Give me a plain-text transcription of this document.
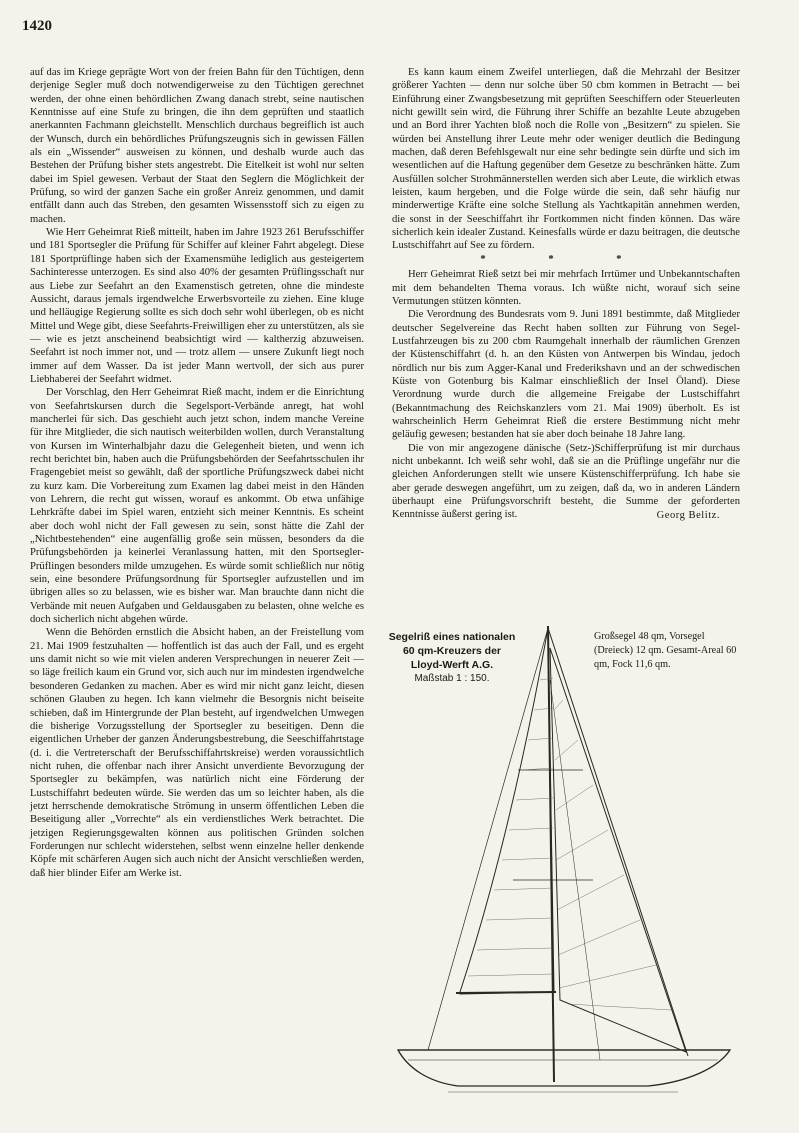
1420

auf das im Kriege geprägte Wort von der freien Bahn für den Tüchtigen, denn derjenige Segler muß doch notwendigerweise zu den Tüchtigen gerechnet werden, der ohne einen behördlichen Zwang danach strebt, seine nautischen Kenntnisse auf eine Stufe zu bringen, die ihn dem geprüften und staatlich anerkannten Fachmann gleichstellt. Menschlich durchaus begreiflich ist auch der Wunsch, durch ein behördliches Prüfungszeugnis sich in gewissen Fällen als ein „Wissender“ ausweisen zu können, und deshalb wurde auch das Bestehen der Prüfung bisher stets angestrebt. Die Eitelkeit ist wohl nur selten dabei im Spiel gewesen. Verbaut der Staat den Seglern die Möglichkeit der Prüfung, so wird der ganzen Sache ein großer Anreiz genommen, und damit entfällt dann auch das Streben, den gesamten Wissensstoff sich zu eigen zu machen.

Wie Herr Geheimrat Rieß mitteilt, haben im Jahre 1923 261 Berufsschiffer und 181 Sportsegler die Prüfung für Schiffer auf kleiner Fahrt abgelegt. Diese 181 Sportprüflinge haben sich der Examensmühe lediglich aus gesteigertem Sachinteresse unterzogen. Es sind also 40% der gesamten Prüflingsschaft nur aus Liebe zur Seefahrt an den Examenstisch getreten, ohne die mindeste Aussicht, daraus jemals irgendwelche Erwerbsvorteile zu ziehen. Eine kluge und helläugige Regierung sollte es sich doch sehr wohl überlegen, ob es nicht Mittel und Wege gibt, diese Seefahrts-Freiwilligen eher zu unterstützen, als sie — wie es jetzt anscheinend beabsichtigt wird — kaltherzig abzuweisen. Seefahrt ist noch immer not, und — trotz allem — unsere Zukunft liegt noch immer auf dem Wasser. Da ist jeder Mann wertvoll, der sich aus purer Liebhaberei der Seefahrt widmet.

Der Vorschlag, den Herr Geheimrat Rieß macht, indem er die Einrichtung von Seefahrtskursen durch die Segelsport-Verbände anregt, hat wohl mancherlei für sich. Das geschieht auch jetzt schon, indem manche Vereine für ihre Mitglieder, die sich nautisch weiterbilden wollen, durch Veranstaltung von Kursen im Winterhalbjahr dazu die Gelegenheit bieten, und wenn ich recht berichtet bin, haben auch die Prüfungsbehörden der Seefahrtsschulen ihr Fragengebiet meist so gewählt, daß der sportliche Prüfungszweck dabei nicht zu kurz kam. Die Vorbereitung zum Examen lag dabei meist in den Händen von Lehrern, die recht gut wissen, worauf es ankommt. Ob etwa unfähige Lehrkräfte dabei im Spiel waren, entzieht sich meiner Kenntnis. Es scheint aber doch wohl nicht der Fall gewesen zu sein, sonst hätte die Zahl der „Nichtbestehenden“ eine augenfällig große sein müssen, besonders da die Prüfungsbehörden ja keinerlei Veranlassung hatten, mit den Sportsegler-Prüflingen besonders milde umzugehen. Es würde somit schließlich nur nötig sein, eine besondere Prüfungsordnung für Sportsegler aufzustellen und im übrigen alles so zu belassen, wie es bisher war. Man brauchte dann nicht die Verbände mit neuen Aufgaben und Geldausgaben zu belasten, ohne welche es doch sicherlich nicht abgehen würde.

Wenn die Behörden ernstlich die Absicht haben, an der Freistellung vom 21. Mai 1909 festzuhalten — hoffentlich ist das auch der Fall, und es ergeht uns damit nicht so wie mit vielen anderen Versprechungen in neuerer Zeit — so läge freilich kaum ein Grund vor, sich auch nur im mindesten irgendwelche besonderen Gedanken zu machen. Aber es wird mir nicht ganz leicht, diesen schönen Glauben zu hegen. Ich kann vielmehr die Besorgnis nicht beiseite schieben, daß im Hintergrunde der Plan besteht, auf irgendwelchen Umwegen die bisherige Vorzugsstellung der Sportsegler zu beseitigen. Denn die eigentlichen Urheber der ganzen Änderungsbestrebung, die Seeschiffahrtstage (d. i. die Vertreterschaft der Berufsschiffahrtskreise) werden voraussichtlich nicht ruhen, die offenbar nach ihrer Ansicht unverdiente Bevorzugung der Sportsegler zu bekämpfen, was natürlich nicht eine Förderung der Lustschiffahrt bedeuten würde. Sie werden das um so leichter haben, als die jetzt herrschende demokratische Strömung in unserm öffentlichen Leben die Beseitigung aller „Vorrechte“ als ein verdienstliches Werk betrachtet. Die jetzigen Regierungsgewalten können aus politischen Gründen solchen Forderungen nur schlecht widerstehen, selbst wenn einzelne heller denkende Köpfe mit schärferen Augen sich auch nicht der Ansicht verschließen werden, daß hier blinder Eifer am Werke ist.

Es kann kaum einem Zweifel unterliegen, daß die Mehrzahl der Besitzer größerer Yachten — denn nur solche über 50 cbm kommen in Betracht — bei Einführung einer Zwangsbesetzung mit geprüften Seeschiffern oder Steuerleuten nicht gewillt sein wird, die Führung ihrer Schiffe an bezahlte Leute abzugeben und an Bord ihrer Yachten bloß noch die Rolle von „Besitzern“ zu spielen. Sie würden bei Anstellung ihrer Leute mehr oder weniger deutlich die Bedingung machen, daß deren Befehlsgewalt nur eine sehr bedingte sein dürfte und sich im wesentlichen auf die Haftung gegenüber dem Gesetze zu beschränken hätte. Zum Ausfüllen solcher Strohmännerstellen werden sich aber Leute, die wirklich etwas leisten, kaum hergeben, und die Folge würde die sein, daß sehr häufig nur minderwertige Kräfte eine solche Stellung als Yachtkapitän annehmen werden, die sonst in der Seeschiffahrt ihr Fortkommen nicht finden können. Das wäre sicherlich kein idealer Zustand. Keinesfalls würde er dazu beitragen, die deutsche Lustschiffahrt auf See zu fördern.

* * *

Herr Geheimrat Rieß setzt bei mir mehrfach Irrtümer und Unbekanntschaften mit dem behandelten Thema voraus. Ich wüßte nicht, worauf sich seine Vermutungen stützen könnten.

Die Verordnung des Bundesrats vom 9. Juni 1891 bestimmte, daß Mitglieder deutscher Segelvereine das Recht haben sollten zur Führung von Segel-Lustfahrzeugen bis zu 200 cbm Raumgehalt innerhalb der räumlichen Grenzen der Küstenschiffahrt (d. h. an den Küsten von Antwerpen bis Windau, jedoch nördlich nur bis zum Agger-Kanal und Frederikshavn und an der schwedischen Küste von Gotenburg bis Kalmar einschließlich der Insel Öland). Diese Verordnung wurde durch die allgemeine Freigabe der Lustschiffahrt (Bekanntmachung des Reichskanzlers vom 21. Mai 1909) überholt. Es ist wahrscheinlich Herrn Geheimrat Rieß die erstere Bestimmung nicht mehr geläufig gewesen; bestanden hat sie aber doch beinahe 18 Jahre lang.

Die von mir angezogene dänische (Setz-)Schifferprüfung ist mir durchaus nicht unbekannt. Ich weiß sehr wohl, daß sie an die Prüflinge ungefähr nur die gleichen Anforderungen stellt wie unsere Küstenschifferprüfung. Ich habe sie aber gerade deswegen angeführt, um zu zeigen, daß da, wo in anderen Ländern überhaupt eine Prüfungsvorschrift besteht, die Summe der geforderten Kenntnisse äußerst gering ist.	Georg Belitz.
Segelriß eines nationalen 60 qm-Kreuzers der Lloyd-Werft A.G.
Maßstab 1 : 150.
Großsegel 48 qm, Vorsegel (Dreieck) 12 qm. Gesamt-Areal 60 qm, Fock 11,6 qm.
